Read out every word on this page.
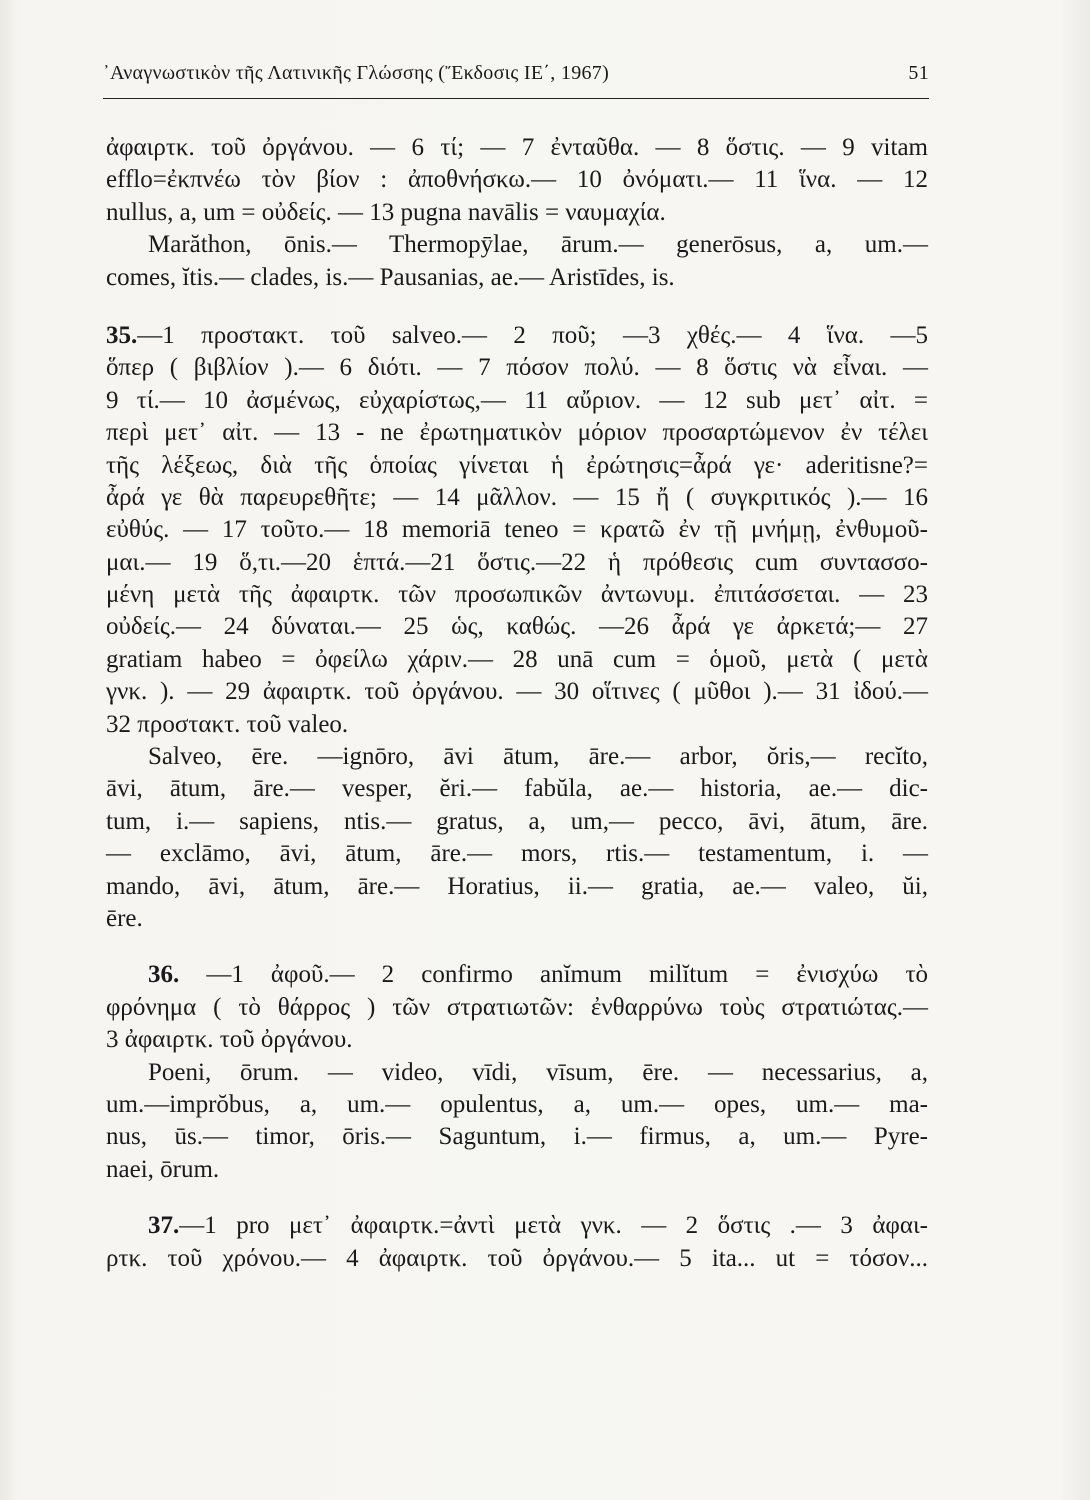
᾿Αναγνωστικὸν τῆς Λατινικῆς Γλώσσης (Ἔκδοσις ΙΕ΄, 1967)	51
ἀφαιρτκ. τοῦ ὀργάνου. — 6 τί; — 7 ἐνταῦθα. — 8 ὅστις. — 9 vitam
efflo=ἐκπνέω τὸν βίον : ἀποθνήσκω.— 10 ὀνόματι.— 11 ἵνα. — 12
nullus, a, um = οὐδείς. — 13 pugna navālis = ναυμαχία.
Marăthon, ōnis.— Thermopȳlae, ārum.— generōsus, a, um.—
comes, ĭtis.— clades, is.— Pausanias, ae.— Aristīdes, is.
35.—1 προστακτ. τοῦ salveo.— 2 ποῦ; —3 χθές.— 4 ἵνα. —5
ὅπερ ( βιβλίον ).— 6 διότι. — 7 πόσον πολύ. — 8 ὅστις νὰ εἶναι. —
9 τί.— 10 ἀσμένως, εὐχαρίστως,— 11 αὔριον. — 12 sub μετ᾽ αἰτ. =
περὶ μετ᾽ αἰτ. — 13 - ne ἐρωτηματικὸν μόριον προσαρτώμενον ἐν τέλει
τῆς λέξεως, διὰ τῆς ὁποίας γίνεται ἡ ἐρώτησις=ἆρά γε· aderitisne?=
ἆρά γε θὰ παρευρεθῆτε; — 14 μᾶλλον. — 15 ἤ ( συγκριτικός ).— 16
εὐθύς. — 17 τοῦτο.— 18 memoriā teneo = κρατῶ ἐν τῇ μνήμῃ, ἐνθυμοῦ-
μαι.— 19 ὅ,τι.—20 ἑπτά.—21 ὅστις.—22 ἡ πρόθεσις cum συντασσο-
μένη μετὰ τῆς ἀφαιρτκ. τῶν προσωπικῶν ἀντωνυμ. ἐπιτάσσεται. — 23
οὐδείς.— 24 δύναται.— 25 ὡς, καθώς. —26 ἆρά γε ἀρκετά;— 27
gratiam habeo = ὀφείλω χάριν.— 28 unā cum = ὁμοῦ, μετὰ ( μετὰ
γνκ. ). — 29 ἀφαιρτκ. τοῦ ὀργάνου. — 30 οἵτινες ( μῦθοι ).— 31 ἰδού.—
32 προστακτ. τοῦ valeo.
Salveo, ēre. —ignōro, āvi ātum, āre.— arbor, ŏris,— recĭto,
āvi, ātum, āre.— vesper, ĕri.— fabŭla, ae.— historia, ae.— dic-
tum, i.— sapiens, ntis.— gratus, a, um,— pecco, āvi, ātum, āre.
— exclāmo, āvi, ātum, āre.— mors, rtis.— testamentum, i. —
mando, āvi, ātum, āre.— Horatius, ii.— gratia, ae.— valeo, ŭi,
ēre.
36. —1 ἀφοῦ.— 2 confirmo anĭmum milĭtum = ἐνισχύω τὸ
φρόνημα ( τὸ θάρρος ) τῶν στρατιωτῶν: ἐνθαρρύνω τοὺς στρατιώτας.—
3 ἀφαιρτκ. τοῦ ὀργάνου.
Poeni, ōrum. — video, vīdi, vīsum, ēre. — necessarius, a,
um.—imprŏbus, a, um.— opulentus, a, um.— opes, um.— ma-
nus, ūs.— timor, ōris.— Saguntum, i.— firmus, a, um.— Pyre-
naei, ōrum.
37.—1 pro μετ᾽ ἀφαιρτκ.=ἀντὶ μετὰ γνκ. — 2 ὅστις .— 3 ἀφαι-
ρτκ. τοῦ χρόνου.— 4 ἀφαιρτκ. τοῦ ὀργάνου.— 5 ita... ut = τόσον...
